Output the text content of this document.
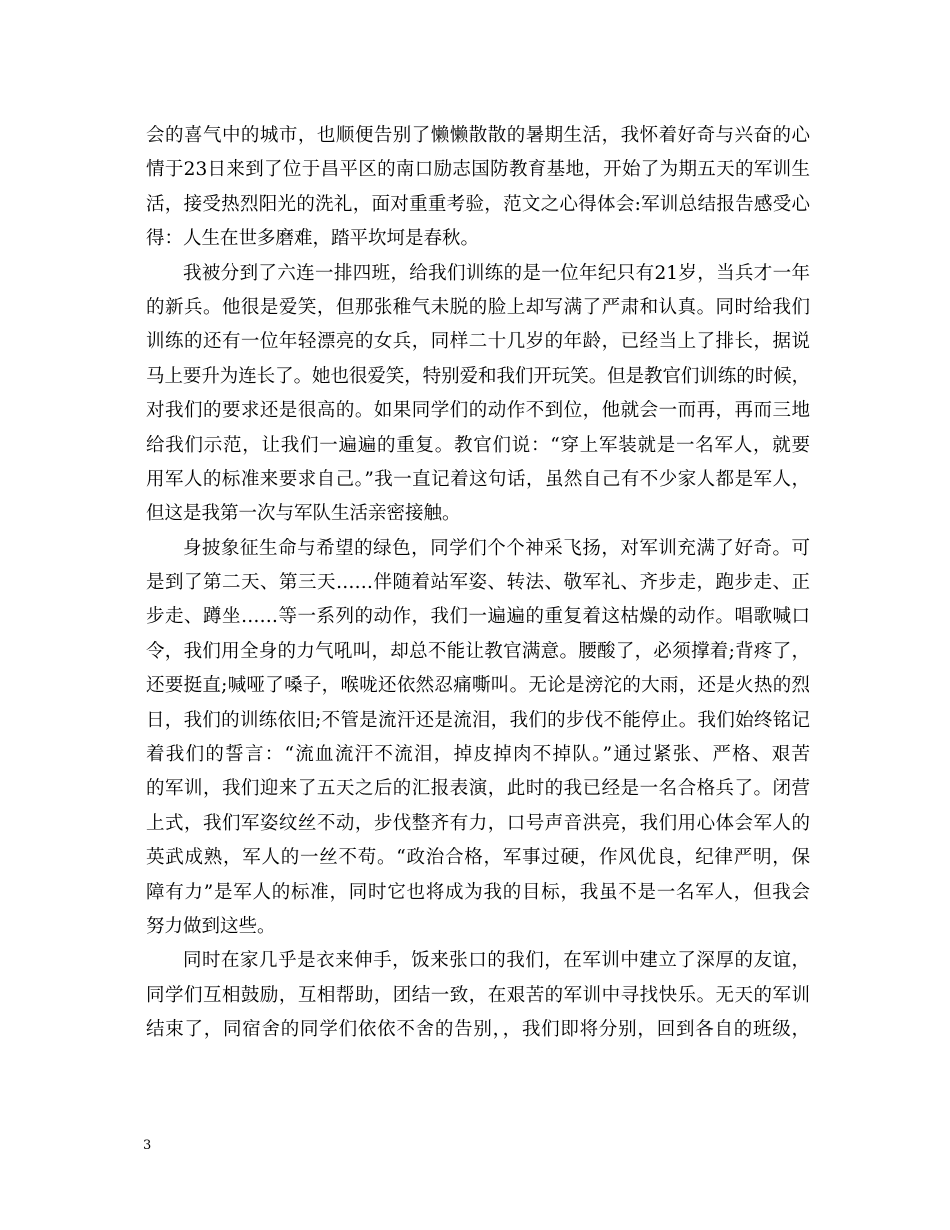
会的喜气中的城市，也顺便告别了懒懒散散的暑期生活，我怀着好奇与兴奋的心
情于23日来到了位于昌平区的南口励志国防教育基地，开始了为期五天的军训生
活，接受热烈阳光的洗礼，面对重重考验，范文之心得体会:军训总结报告感受心
得：人生在世多磨难，踏平坎坷是春秋。
我被分到了六连一排四班，给我们训练的是一位年纪只有21岁，当兵才一年
的新兵。他很是爱笑，但那张稚气未脱的脸上却写满了严肃和认真。同时给我们
训练的还有一位年轻漂亮的女兵，同样二十几岁的年龄，已经当上了排长，据说
马上要升为连长了。她也很爱笑，特别爱和我们开玩笑。但是教官们训练的时候，
对我们的要求还是很高的。如果同学们的动作不到位，他就会一而再，再而三地
给我们示范，让我们一遍遍的重复。教官们说：“穿上军装就是一名军人，就要
用军人的标准来要求自己。”我一直记着这句话，虽然自己有不少家人都是军人，
但这是我第一次与军队生活亲密接触。
身披象征生命与希望的绿色，同学们个个神采飞扬，对军训充满了好奇。可
是到了第二天、第三天……伴随着站军姿、转法、敬军礼、齐步走，跑步走、正
步走、蹲坐……等一系列的动作，我们一遍遍的重复着这枯燥的动作。唱歌喊口
令，我们用全身的力气吼叫，却总不能让教官满意。腰酸了，必须撑着;背疼了，
还要挺直;喊哑了嗓子，喉咙还依然忍痛嘶叫。无论是滂沱的大雨，还是火热的烈
日，我们的训练依旧;不管是流汗还是流泪，我们的步伐不能停止。我们始终铭记
着我们的誓言：“流血流汗不流泪，掉皮掉肉不掉队。”通过紧张、严格、艰苦
的军训，我们迎来了五天之后的汇报表演，此时的我已经是一名合格兵了。闭营
上式，我们军姿纹丝不动，步伐整齐有力，口号声音洪亮，我们用心体会军人的
英武成熟，军人的一丝不苟。“政治合格，军事过硬，作风优良，纪律严明，保
障有力”是军人的标准，同时它也将成为我的目标，我虽不是一名军人，但我会
努力做到这些。
同时在家几乎是衣来伸手，饭来张口的我们，在军训中建立了深厚的友谊，
同学们互相鼓励，互相帮助，团结一致，在艰苦的军训中寻找快乐。无天的军训
结束了，同宿舍的同学们依依不舍的告别，，我们即将分别，回到各自的班级，
3
